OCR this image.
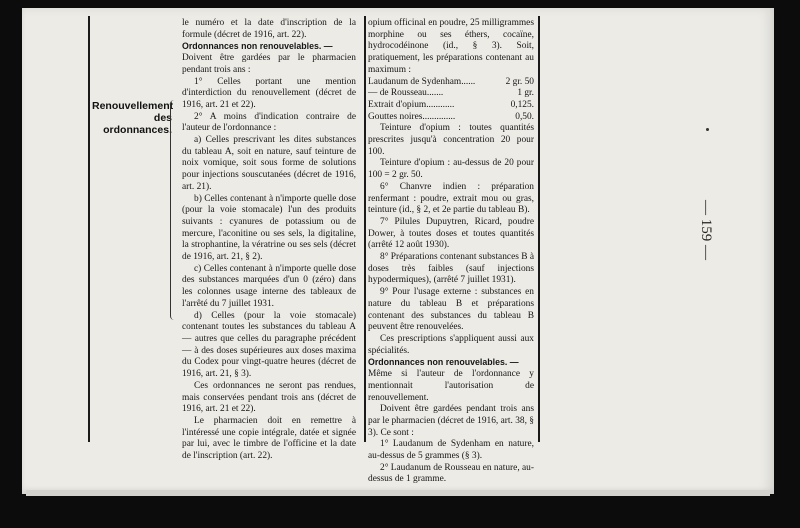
Renouvellement des ordonnances.

le numéro et la date d'inscription de la formule (décret de 1916, art. 22).

Ordonnances non renouvelables. —

Doivent être gardées par le pharmacien pendant trois ans :

1° Celles portant une mention d'interdiction du renouvellement (décret de 1916, art. 21 et 22).

2° A moins d'indication contraire de l'auteur de l'ordonnance :

a) Celles prescrivant les dites substances du tableau A, soit en nature, sauf teinture de noix vomique, soit sous forme de solutions pour injections souscutanées (décret de 1916, art. 21).

b) Celles contenant à n'importe quelle dose (pour la voie stomacale) l'un des produits suivants : cyanures de potassium ou de mercure, l'aconitine ou ses sels, la digitaline, la strophantine, la vératrine ou ses sels (décret de 1916, art. 21, § 2).

c) Celles contenant à n'importe quelle dose des substances marquées d'un 0 (zéro) dans les colonnes usage interne des tableaux de l'arrêté du 7 juillet 1931.

d) Celles (pour la voie stomacale) contenant toutes les substances du tableau A — autres que celles du paragraphe précédent — à des doses supérieures aux doses maxima du Codex pour vingt-quatre heures (décret de 1916, art. 21, § 3).

Ces ordonnances ne seront pas rendues, mais conservées pendant trois ans (décret de 1916, art. 21 et 22).

Le pharmacien doit en remettre à l'intéressé une copie intégrale, datée et signée par lui, avec le timbre de l'officine et la date de l'inscription (art. 22).

opium officinal en poudre, 25 milligrammes morphine ou ses éthers, cocaïne, hydrocodéinone (id., § 3). Soit, pratiquement, les préparations contenant au maximum :

Laudanum de Sydenham......	2 gr. 50
— de Rousseau.......	1 gr.
Extrait d'opium............	0,125.
Gouttes noires..............	0,50.

Teinture d'opium : toutes quantités prescrites jusqu'à concentration 20 pour 100.

Teinture d'opium : au-dessus de 20 pour 100 = 2 gr. 50.

6° Chanvre indien : préparation renfermant : poudre, extrait mou ou gras, teinture (id., § 2, et 2e partie du tableau B).

7° Pilules Dupuytren, Ricard, poudre Dower, à toutes doses et toutes quantités (arrêté 12 août 1930).

8° Préparations contenant substances B à doses très faibles (sauf injections hypodermiques), (arrêté 7 juillet 1931).

9° Pour l'usage externe : substances en nature du tableau B et préparations contenant des substances du tableau B peuvent être renouvelées.

Ces prescriptions s'appliquent aussi aux spécialités.

Ordonnances non renouvelables. —

Même si l'auteur de l'ordonnance y mentionnait l'autorisation de renouvellement.

Doivent être gardées pendant trois ans par le pharmacien (décret de 1916, art. 38, § 3). Ce sont :

1° Laudanum de Sydenham en nature, au-dessus de 5 grammes (§ 3).

2° Laudanum de Rousseau en nature, au-dessus de 1 gramme.

— 159 —
